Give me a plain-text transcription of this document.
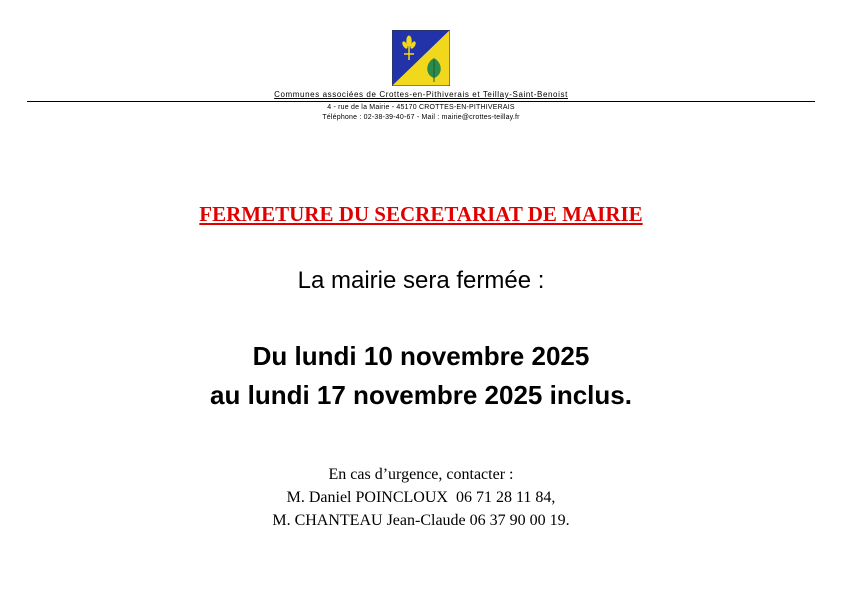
Communes associées de Crottes-en-Pithiverais et Teillay-Saint-Benoist
4 - rue de la Mairie - 45170 CROTTES-EN-PITHIVERAIS
Téléphone : 02-38-39-40-67 - Mail : mairie@crottes-teillay.fr
FERMETURE DU SECRETARIAT DE MAIRIE
La mairie sera fermée :
Du lundi 10 novembre 2025
au lundi 17 novembre 2025 inclus.
En cas d’urgence, contacter :
M. Daniel POINCLOUX  06 71 28 11 84,
M. CHANTEAU Jean-Claude 06 37 90 00 19.
